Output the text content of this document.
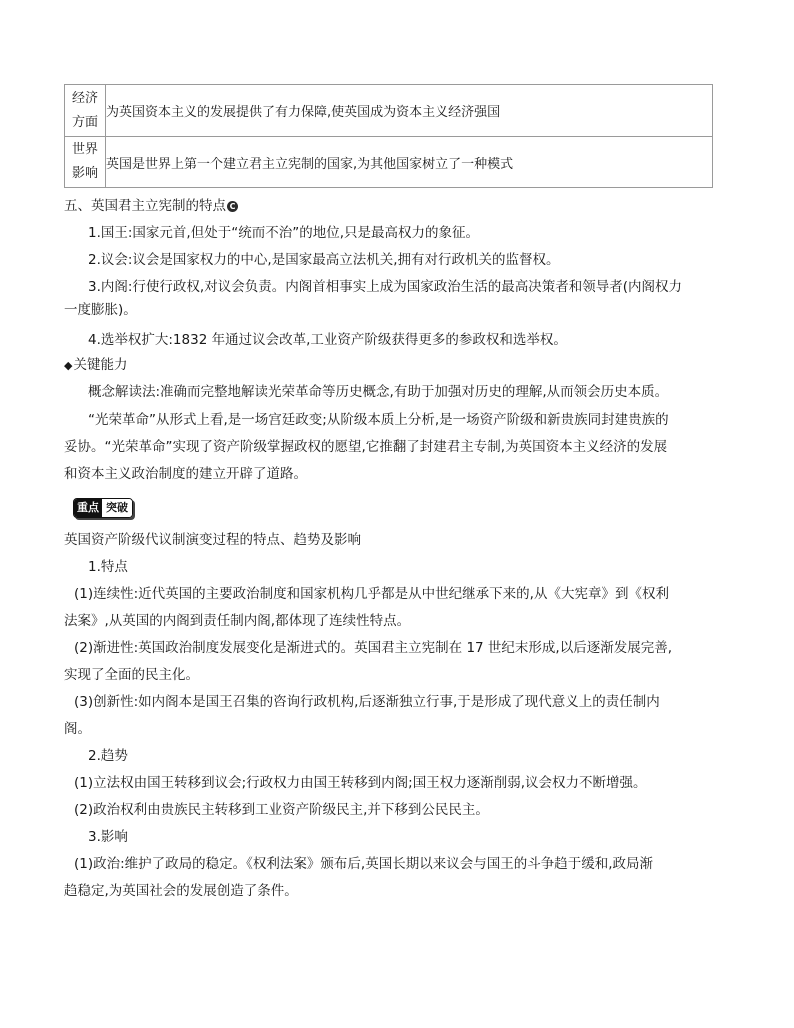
经济
方面	为英国资本主义的发展提供了有力保障,使英国成为资本主义经济强国

世界
影响	英国是世界上第一个建立君主立宪制的国家,为其他国家树立了一种模式
五、英国君主立宪制的特点 C
1.国王:国家元首,但处于“统而不治”的地位,只是最高权力的象征。
2.议会:议会是国家权力的中心,是国家最高立法机关,拥有对行政机关的监督权。
3.内阁:行使行政权,对议会负责。内阁首相事实上成为国家政治生活的最高决策者和领导者(内阁权力
一度膨胀)。
4.选举权扩大:1832 年通过议会改革,工业资产阶级获得更多的参政权和选举权。
◆关键能力
概念解读法:准确而完整地解读光荣革命等历史概念,有助于加强对历史的理解,从而领会历史本质。
“光荣革命”从形式上看,是一场宫廷政变;从阶级本质上分析,是一场资产阶级和新贵族同封建贵族的
妥协。“光荣革命”实现了资产阶级掌握政权的愿望,它推翻了封建君主专制,为英国资本主义经济的发展
和资本主义政治制度的建立开辟了道路。
重点 突破
英国资产阶级代议制演变过程的特点、趋势及影响
1.特点
(1)连续性:近代英国的主要政治制度和国家机构几乎都是从中世纪继承下来的,从《大宪章》到《权利
法案》,从英国的内阁到责任制内阁,都体现了连续性特点。
(2)渐进性:英国政治制度发展变化是渐进式的。英国君主立宪制在 17 世纪末形成,以后逐渐发展完善,
实现了全面的民主化。
(3)创新性:如内阁本是国王召集的咨询行政机构,后逐渐独立行事,于是形成了现代意义上的责任制内
阁。
2.趋势
(1)立法权由国王转移到议会;行政权力由国王转移到内阁;国王权力逐渐削弱,议会权力不断增强。
(2)政治权利由贵族民主转移到工业资产阶级民主,并下移到公民民主。
3.影响
(1)政治:维护了政局的稳定。《权利法案》颁布后,英国长期以来议会与国王的斗争趋于缓和,政局渐
趋稳定,为英国社会的发展创造了条件。
